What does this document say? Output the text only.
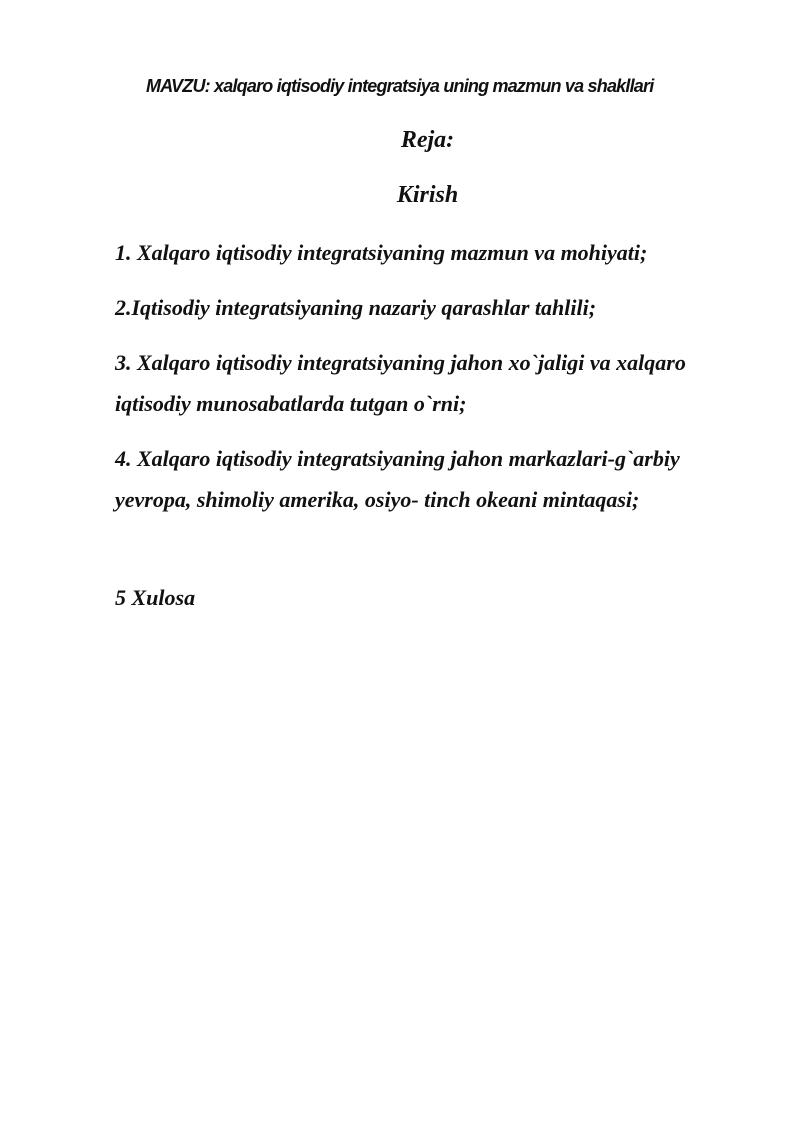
MAVZU: xalqaro iqtisodiy integratsiya uning mazmun va shakllari
Reja:
Kirish
1. Xalqaro iqtisodiy integratsiyaning mazmun va mohiyati;
2.Iqtisodiy integratsiyaning nazariy qarashlar tahlili;
3. Xalqaro iqtisodiy integratsiyaning jahon xo`jaligi va xalqaro iqtisodiy munosabatlarda tutgan o`rni;
4. Xalqaro iqtisodiy integratsiyaning jahon markazlari-g`arbiy yevropa, shimoliy amerika, osiyo- tinch okeani mintaqasi;
5 Xulosa
